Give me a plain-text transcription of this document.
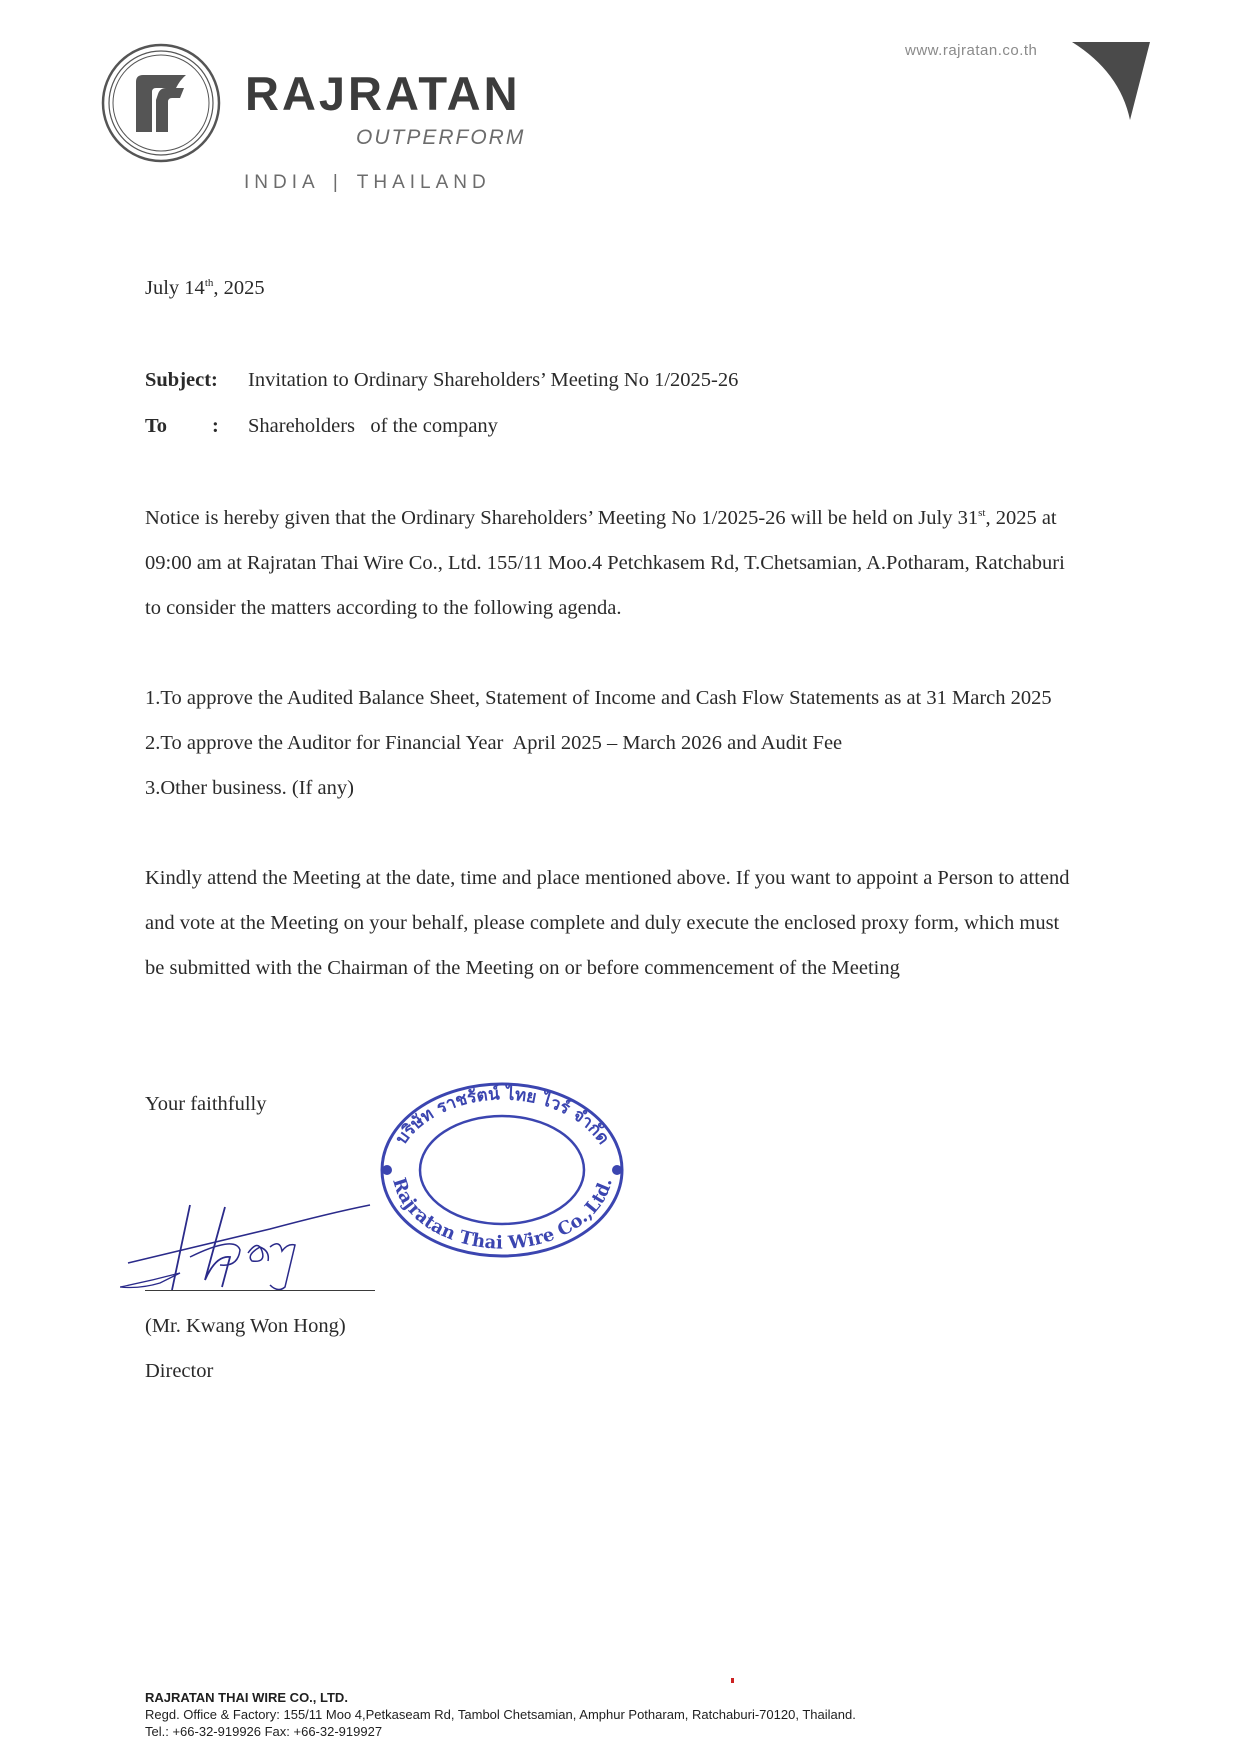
RAJRATAN
OUTPERFORM
INDIA | THAILAND
www.rajratan.co.th
July 14th, 2025
Subject: Invitation to Ordinary Shareholders’ Meeting No 1/2025-26
To : Shareholders   of the company
Notice is hereby given that the Ordinary Shareholders’ Meeting No 1/2025-26 will be held on July 31st, 2025 at
09:00 am at Rajratan Thai Wire Co., Ltd. 155/11 Moo.4 Petchkasem Rd, T.Chetsamian, A.Potharam, Ratchaburi
to consider the matters according to the following agenda.
1.To approve the Audited Balance Sheet, Statement of Income and Cash Flow Statements as at 31 March 2025
2.To approve the Auditor for Financial Year  April 2025 – March 2026 and Audit Fee
3.Other business. (If any)
Kindly attend the Meeting at the date, time and place mentioned above. If you want to appoint a Person to attend
and vote at the Meeting on your behalf, please complete and duly execute the enclosed proxy form, which must
be submitted with the Chairman of the Meeting on or before commencement of the Meeting
Your faithfully
บริษัท ราชรัตน์ ไทย ไวร์ จำกัด
Rajratan Thai Wire Co.,Ltd.
(Mr. Kwang Won Hong)
Director
RAJRATAN THAI WIRE CO., LTD.
Regd. Office & Factory: 155/11 Moo 4,Petkaseam Rd, Tambol Chetsamian, Amphur Potharam, Ratchaburi-70120, Thailand.
Tel.: +66-32-919926 Fax: +66-32-919927
